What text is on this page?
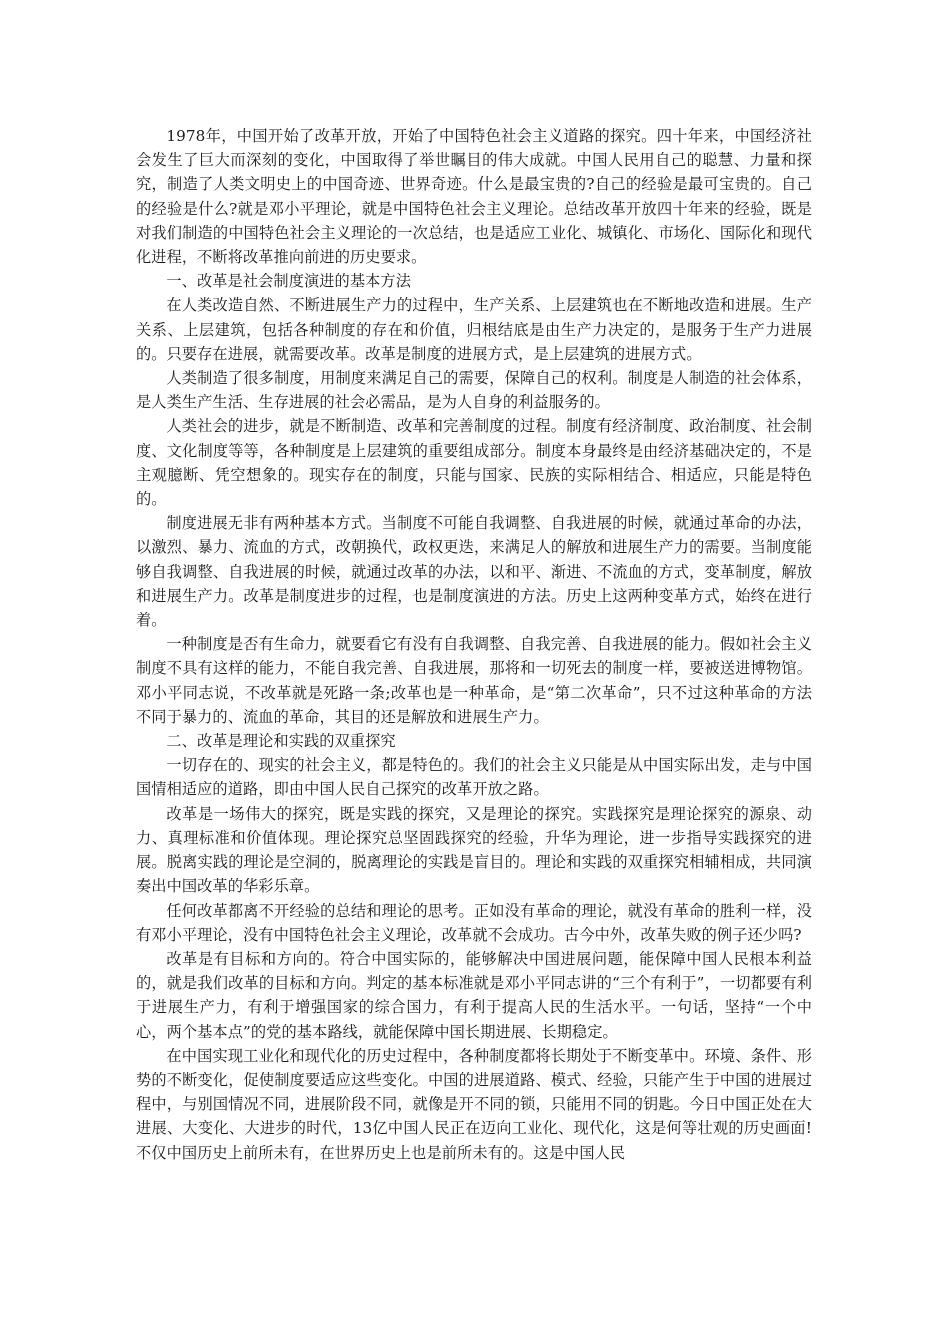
1978年，中国开始了改革开放，开始了中国特色社会主义道路的探究。四十年来，中国经济社会发生了巨大而深刻的变化，中国取得了举世瞩目的伟大成就。中国人民用自己的聪慧、力量和探究，制造了人类文明史上的中国奇迹、世界奇迹。什么是最宝贵的?自己的经验是最可宝贵的。自己的经验是什么?就是邓小平理论，就是中国特色社会主义理论。总结改革开放四十年来的经验，既是对我们制造的中国特色社会主义理论的一次总结，也是适应工业化、城镇化、市场化、国际化和现代化进程，不断将改革推向前进的历史要求。

一、改革是社会制度演进的基本方法

在人类改造自然、不断进展生产力的过程中，生产关系、上层建筑也在不断地改造和进展。生产关系、上层建筑，包括各种制度的存在和价值，归根结底是由生产力决定的，是服务于生产力进展的。只要存在进展，就需要改革。改革是制度的进展方式，是上层建筑的进展方式。

人类制造了很多制度，用制度来满足自己的需要，保障自己的权利。制度是人制造的社会体系，是人类生产生活、生存进展的社会必需品，是为人自身的利益服务的。

人类社会的进步，就是不断制造、改革和完善制度的过程。制度有经济制度、政治制度、社会制度、文化制度等等，各种制度是上层建筑的重要组成部分。制度本身最终是由经济基础决定的，不是主观臆断、凭空想象的。现实存在的制度，只能与国家、民族的实际相结合、相适应，只能是特色的。

制度进展无非有两种基本方式。当制度不可能自我调整、自我进展的时候，就通过革命的办法，以激烈、暴力、流血的方式，改朝换代，政权更迭，来满足人的解放和进展生产力的需要。当制度能够自我调整、自我进展的时候，就通过改革的办法，以和平、渐进、不流血的方式，变革制度，解放和进展生产力。改革是制度进步的过程，也是制度演进的方法。历史上这两种变革方式，始终在进行着。

一种制度是否有生命力，就要看它有没有自我调整、自我完善、自我进展的能力。假如社会主义制度不具有这样的能力，不能自我完善、自我进展，那将和一切死去的制度一样，要被送进博物馆。邓小平同志说，不改革就是死路一条;改革也是一种革命，是“第二次革命”，只不过这种革命的方法不同于暴力的、流血的革命，其目的还是解放和进展生产力。

二、改革是理论和实践的双重探究

一切存在的、现实的社会主义，都是特色的。我们的社会主义只能是从中国实际出发，走与中国国情相适应的道路，即由中国人民自己探究的改革开放之路。

改革是一场伟大的探究，既是实践的探究，又是理论的探究。实践探究是理论探究的源泉、动力、真理标准和价值体现。理论探究总坚固践探究的经验，升华为理论，进一步指导实践探究的进展。脱离实践的理论是空洞的，脱离理论的实践是盲目的。理论和实践的双重探究相辅相成，共同演奏出中国改革的华彩乐章。

任何改革都离不开经验的总结和理论的思考。正如没有革命的理论，就没有革命的胜利一样，没有邓小平理论，没有中国特色社会主义理论，改革就不会成功。古今中外，改革失败的例子还少吗?

改革是有目标和方向的。符合中国实际的，能够解决中国进展问题，能保障中国人民根本利益的，就是我们改革的目标和方向。判定的基本标准就是邓小平同志讲的“三个有利于”，一切都要有利于进展生产力，有利于增强国家的综合国力，有利于提高人民的生活水平。一句话，坚持“一个中心，两个基本点”的党的基本路线，就能保障中国长期进展、长期稳定。

在中国实现工业化和现代化的历史过程中，各种制度都将长期处于不断变革中。环境、条件、形势的不断变化，促使制度要适应这些变化。中国的进展道路、模式、经验，只能产生于中国的进展过程中，与别国情况不同，进展阶段不同，就像是开不同的锁，只能用不同的钥匙。今日中国正处在大进展、大变化、大进步的时代，13亿中国人民正在迈向工业化、现代化，这是何等壮观的历史画面!不仅中国历史上前所未有，在世界历史上也是前所未有的。这是中国人民
